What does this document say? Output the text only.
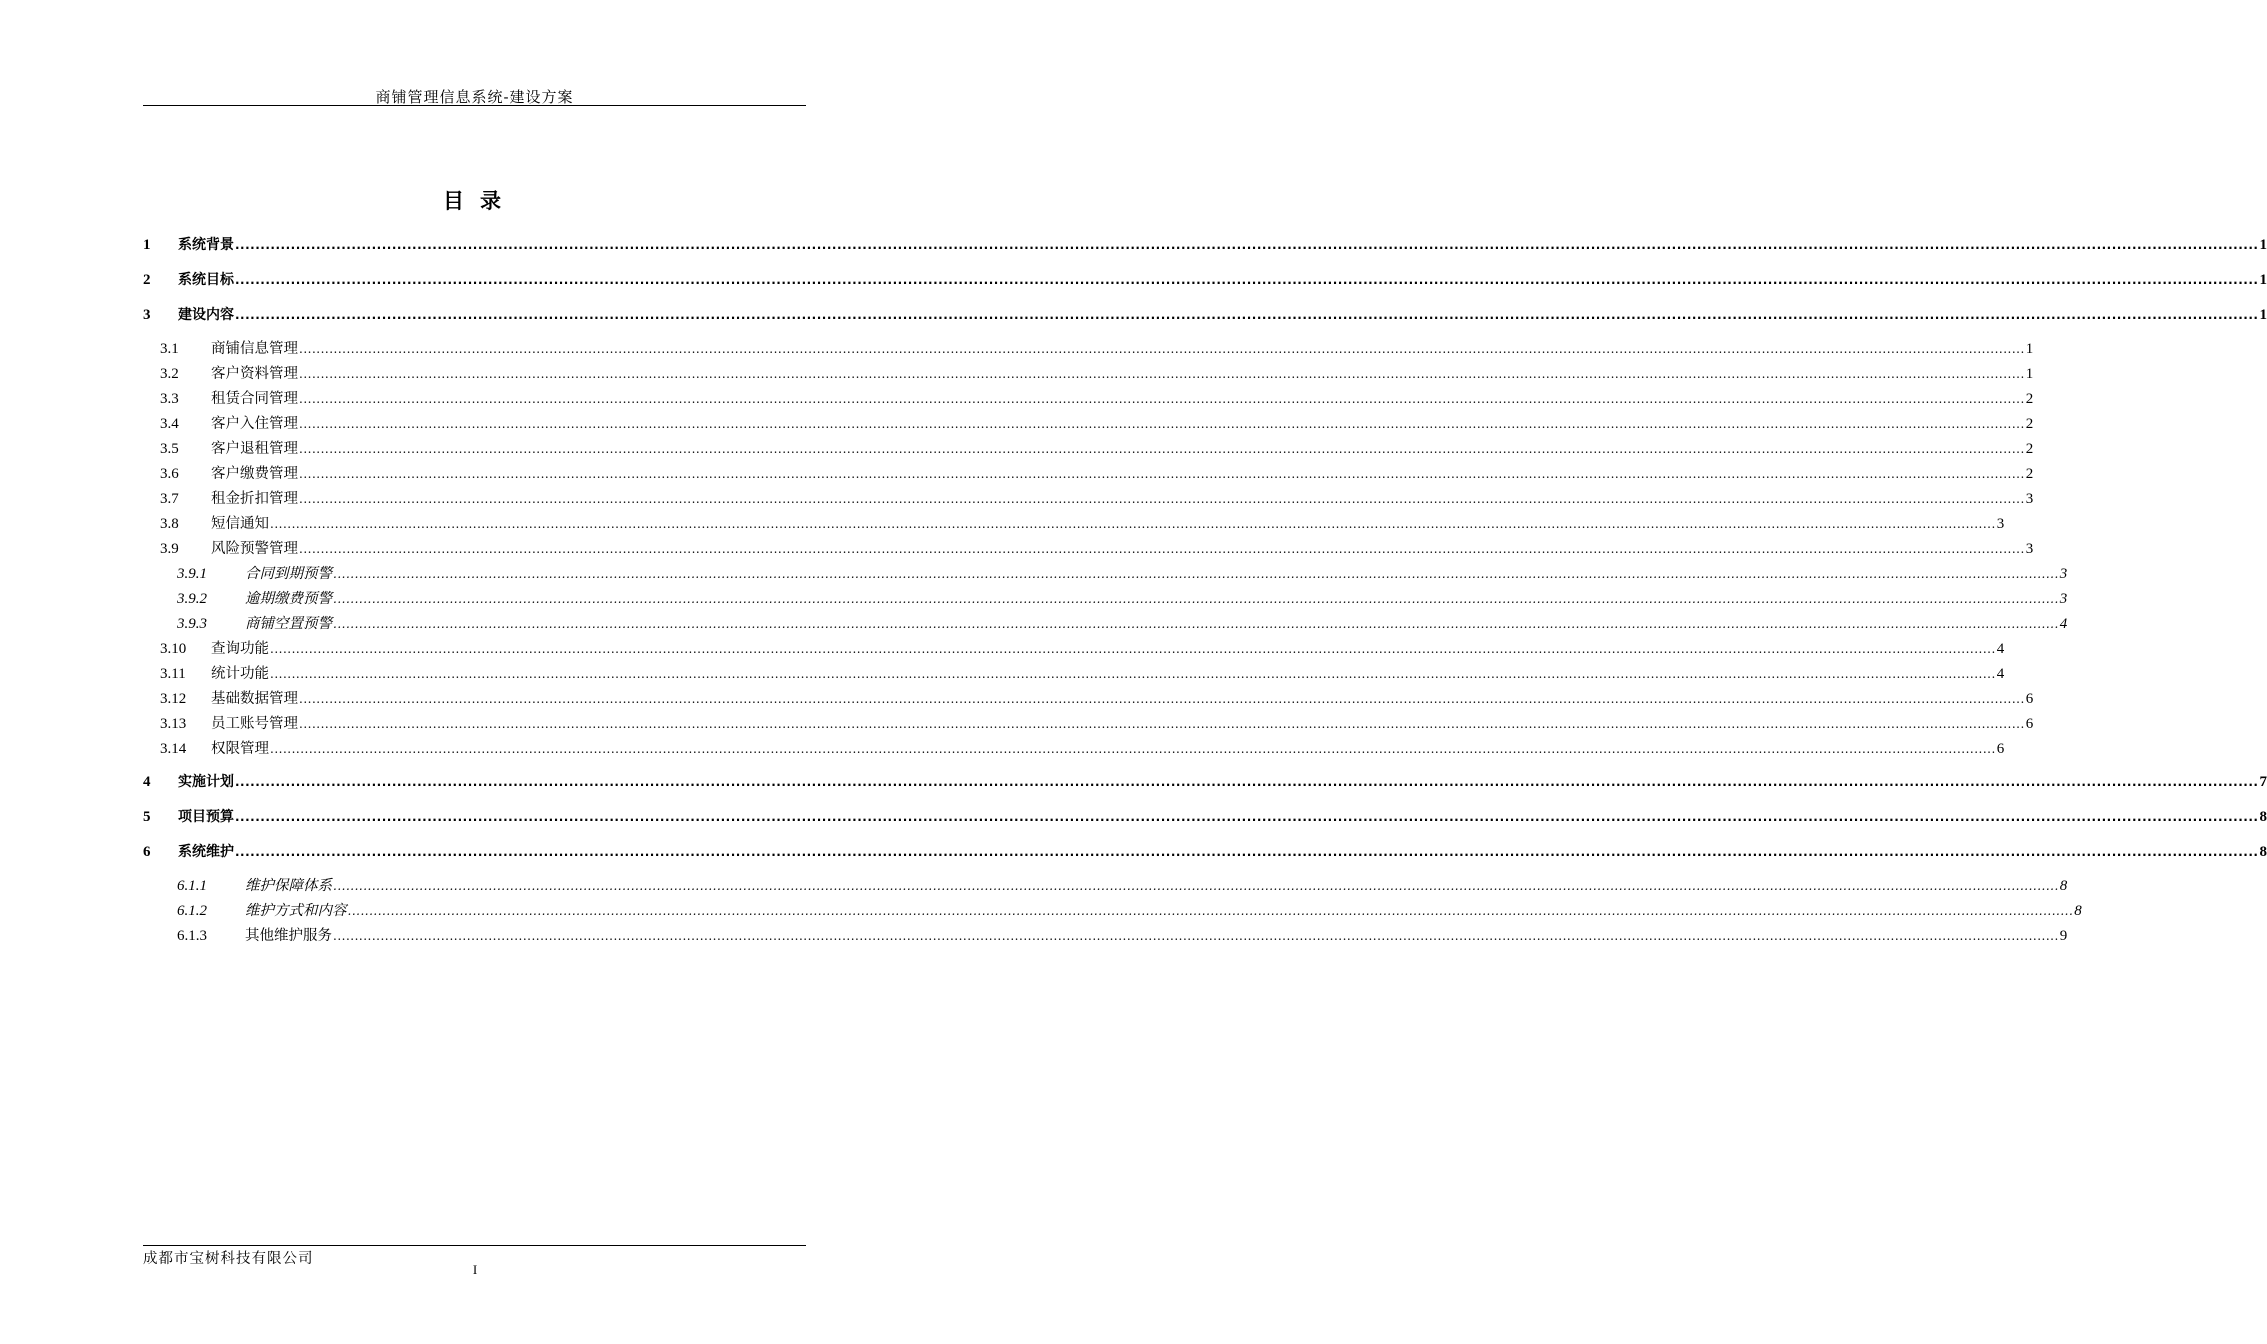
商铺管理信息系统-建设方案
目 录
1	系统背景 ................................................................................................................................................................................................................................................................................................................................................................................................................ 1
2	系统目标 ................................................................................................................................................................................................................................................................................................................................................................................................................ 1
3	建设内容 ................................................................................................................................................................................................................................................................................................................................................................................................................ 1
3.1	商铺信息管理 ................................................................................................................................................................................................................................................................................................................................................................................................................ 1
3.2	客户资料管理 ................................................................................................................................................................................................................................................................................................................................................................................................................ 1
3.3	租赁合同管理 ................................................................................................................................................................................................................................................................................................................................................................................................................ 2
3.4	客户入住管理 ................................................................................................................................................................................................................................................................................................................................................................................................................ 2
3.5	客户退租管理 ................................................................................................................................................................................................................................................................................................................................................................................................................ 2
3.6	客户缴费管理 ................................................................................................................................................................................................................................................................................................................................................................................................................ 2
3.7	租金折扣管理 ................................................................................................................................................................................................................................................................................................................................................................................................................ 3
3.8	短信通知 ................................................................................................................................................................................................................................................................................................................................................................................................................ 3
3.9	风险预警管理 ................................................................................................................................................................................................................................................................................................................................................................................................................ 3
3.9.1	合同到期预警 ................................................................................................................................................................................................................................................................................................................................................................................................................ 3
3.9.2	逾期缴费预警 ................................................................................................................................................................................................................................................................................................................................................................................................................ 3
3.9.3	商铺空置预警 ................................................................................................................................................................................................................................................................................................................................................................................................................ 4
3.10	查询功能 ................................................................................................................................................................................................................................................................................................................................................................................................................ 4
3.11	统计功能 ................................................................................................................................................................................................................................................................................................................................................................................................................ 4
3.12	基础数据管理 ................................................................................................................................................................................................................................................................................................................................................................................................................ 6
3.13	员工账号管理 ................................................................................................................................................................................................................................................................................................................................................................................................................ 6
3.14	权限管理 ................................................................................................................................................................................................................................................................................................................................................................................................................ 6
4	实施计划 ................................................................................................................................................................................................................................................................................................................................................................................................................ 7
5	项目预算 ................................................................................................................................................................................................................................................................................................................................................................................................................ 8
6	系统维护 ................................................................................................................................................................................................................................................................................................................................................................................................................ 8
6.1.1	维护保障体系 ................................................................................................................................................................................................................................................................................................................................................................................................................ 8
6.1.2	维护方式和内容 ................................................................................................................................................................................................................................................................................................................................................................................................................ 8
6.1.3	其他维护服务 ................................................................................................................................................................................................................................................................................................................................................................................................................ 9
成都市宝树科技有限公司
I
